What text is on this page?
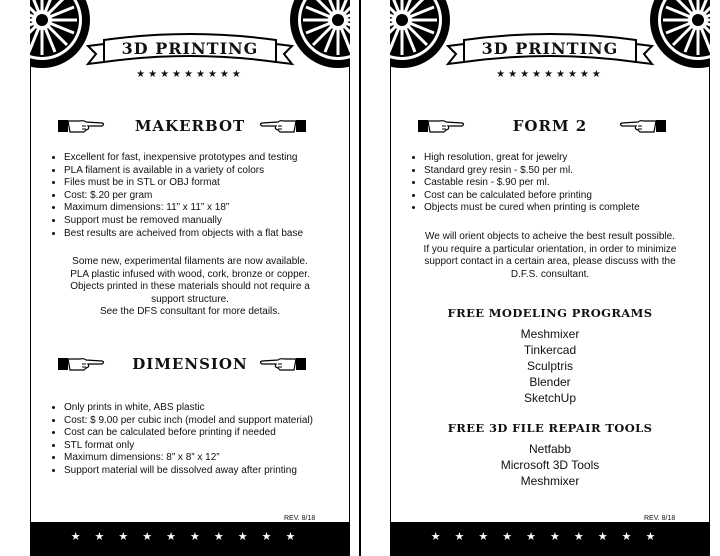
3D PRINTING
★★★★★★★★★
MAKERBOT
• Excellent for fast, inexpensive prototypes and testing
• PLA filament is available in a variety of colors
• Files must be in STL or OBJ format
• Cost: $.20 per gram
• Maximum dimensions: 11” x 11” x 18”
• Support must be removed manually
• Best results are acheived from objects with a flat base
Some new, experimental filaments are now available.
PLA plastic infused with wood, cork, bronze or copper.
Objects printed in these materials should not require a
support structure.
See the DFS consultant for more details.
DIMENSION
• Only prints in white, ABS plastic
• Cost: $ 9.00 per cubic inch (model and support material)
• Cost can be calculated before printing if needed
• STL format only
• Maximum dimensions: 8” x 8” x 12”
• Support material will be dissolved away after printing
REV. 8/18
★★★★★★★★★★
3D PRINTING
★★★★★★★★★
FORM 2
• High resolution, great for jewelry
• Standard grey resin - $.50 per ml.
• Castable resin - $.90 per ml.
• Cost can be calculated before printing
• Objects must be cured when printing is complete
We will orient objects to acheive the best result possible.
If you require a particular orientation, in order to minimize
support contact in a certain area, please discuss with the
D.F.S. consultant.
FREE MODELING PROGRAMS
Meshmixer
Tinkercad
Sculptris
Blender
SketchUp
FREE 3D FILE REPAIR TOOLS
Netfabb
Microsoft 3D Tools
Meshmixer
REV. 8/18
★★★★★★★★★★
